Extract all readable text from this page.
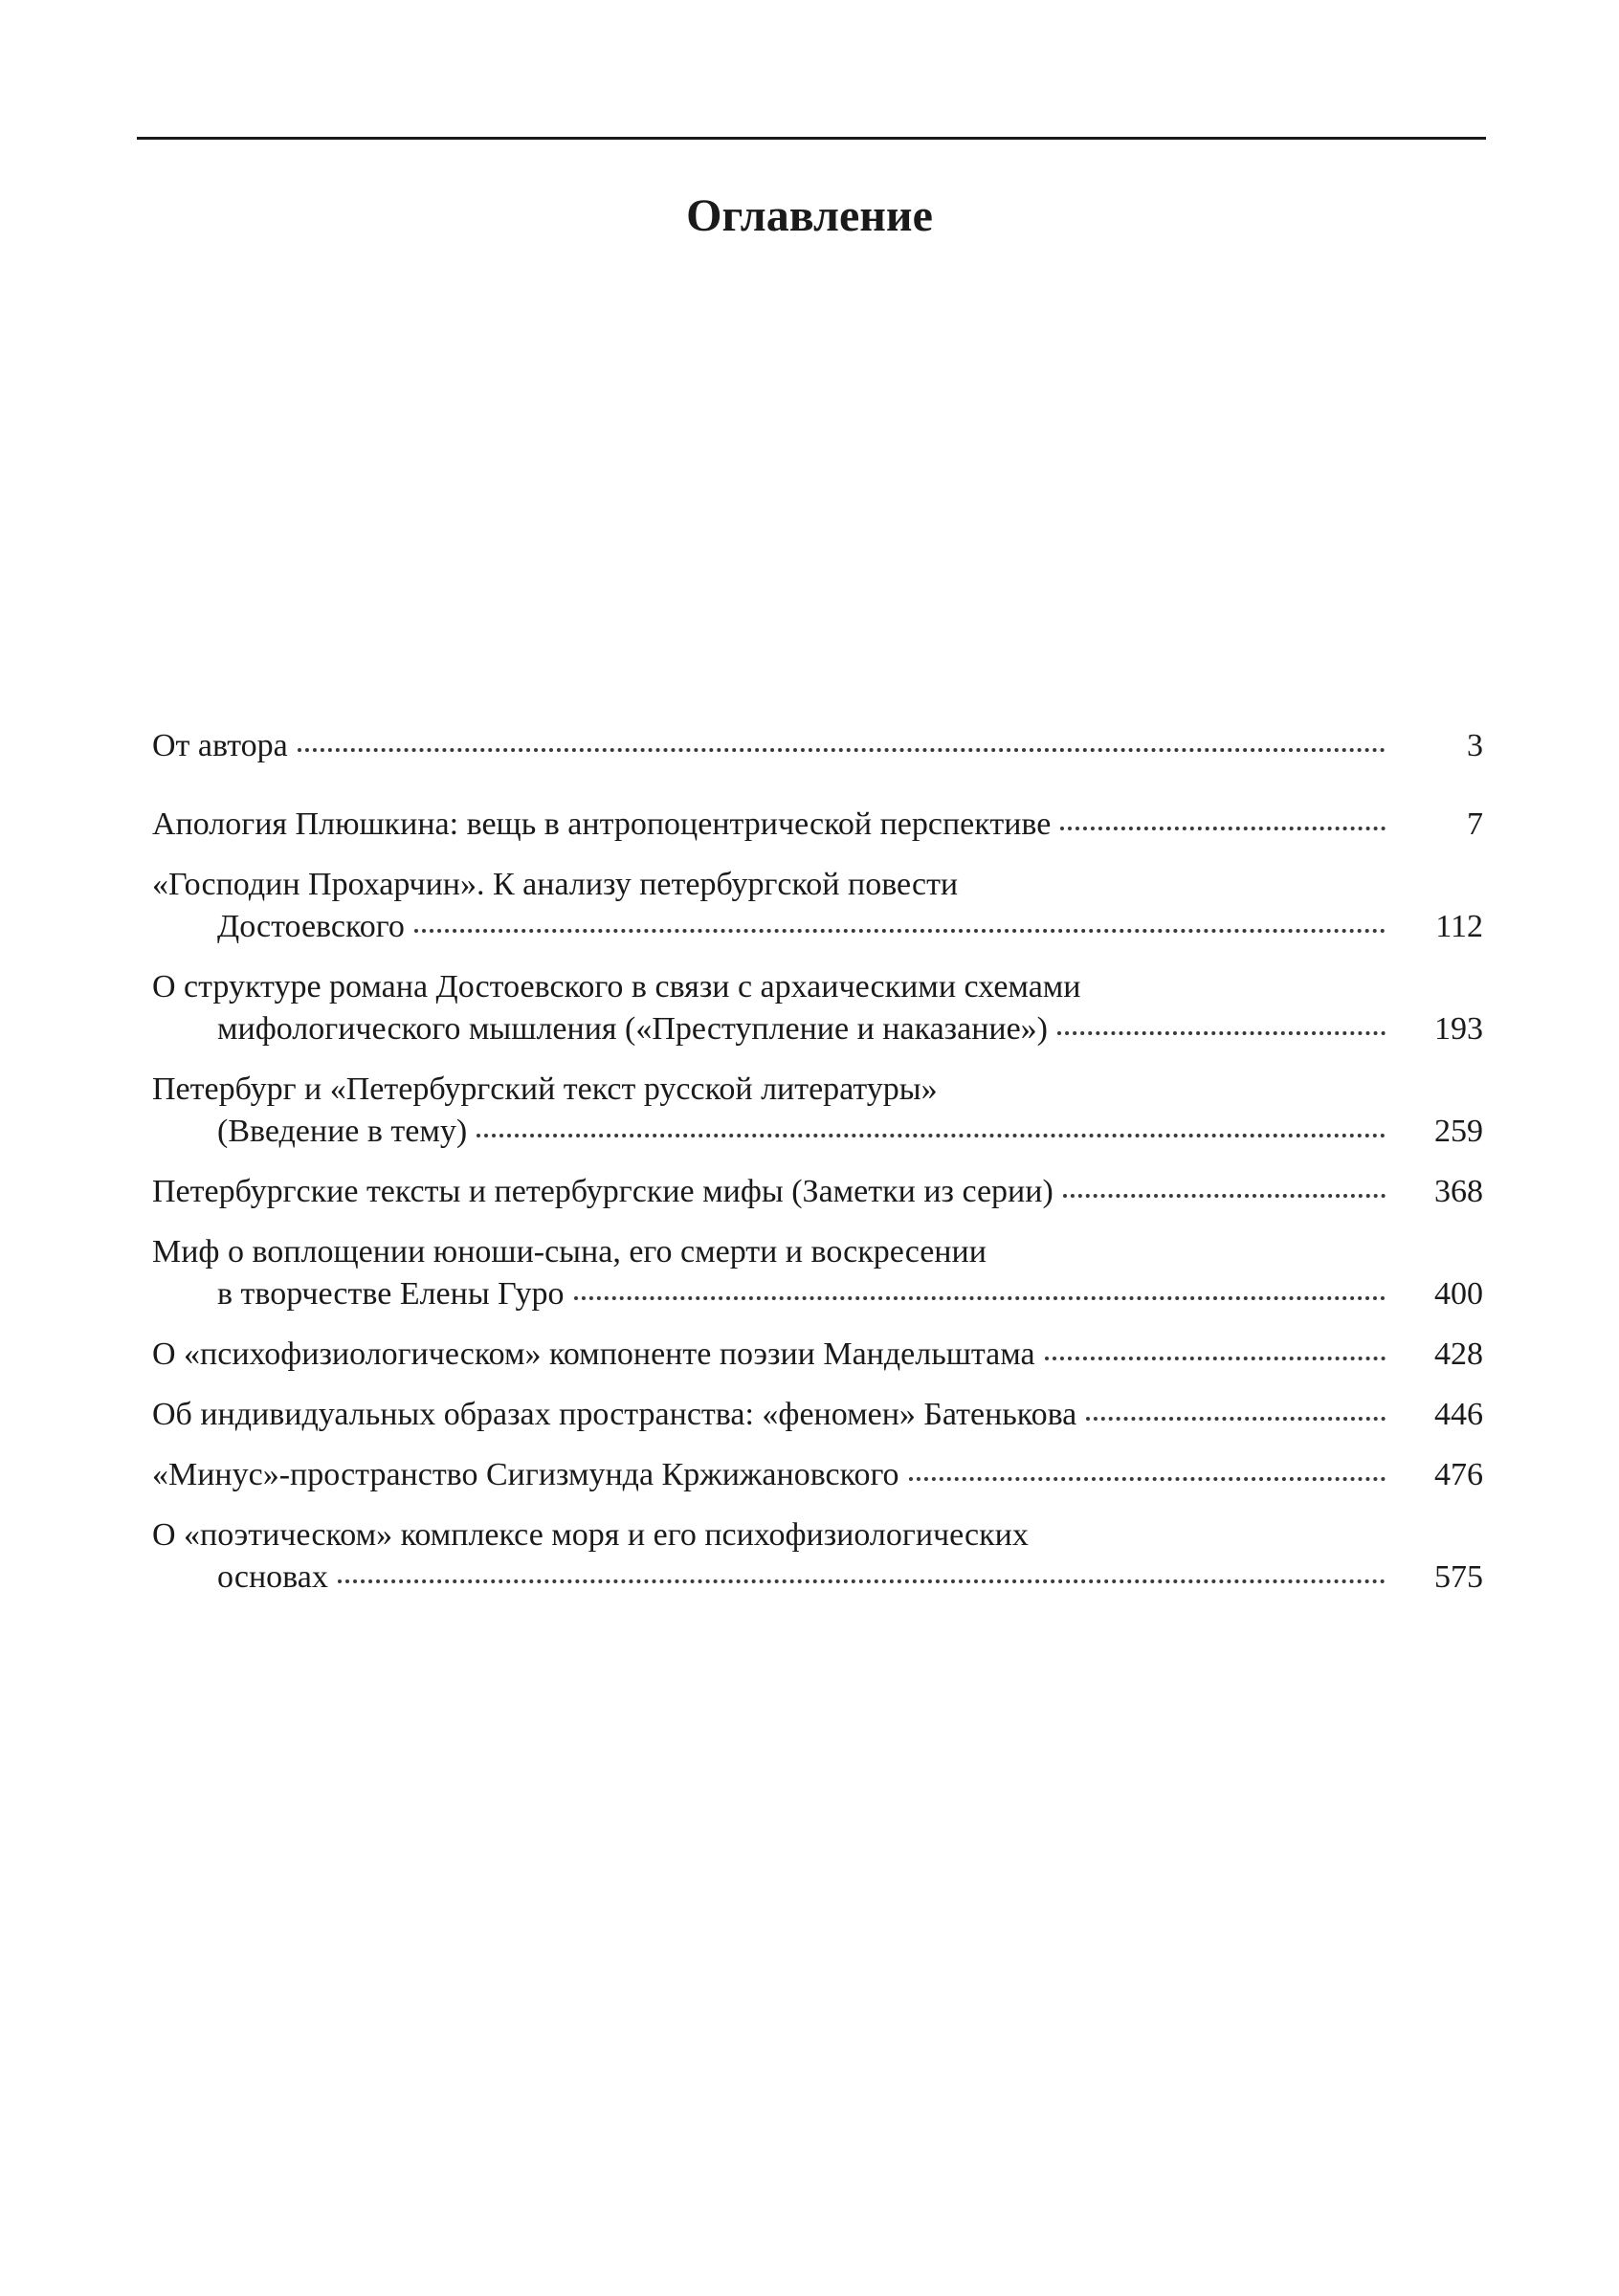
Оглавление
От автора	3
Апология Плюшкина: вещь в антропоцентрической перспективе	7
«Господин Прохарчин». К анализу петербургской повести
Достоевского	112
О структуре романа Достоевского в связи с архаическими схемами
мифологического мышления («Преступление и наказание»)	193
Петербург и «Петербургский текст русской литературы»
(Введение в тему)	259
Петербургские тексты и петербургские мифы (Заметки из серии)	368
Миф о воплощении юноши-сына, его смерти и воскресении
в творчестве Елены Гуро	400
О «психофизиологическом» компоненте поэзии Мандельштама	428
Об индивидуальных образах пространства: «феномен» Батенькова	446
«Минус»-пространство Сигизмунда Кржижановского	476
О «поэтическом» комплексе моря и его психофизиологических
основах	575
